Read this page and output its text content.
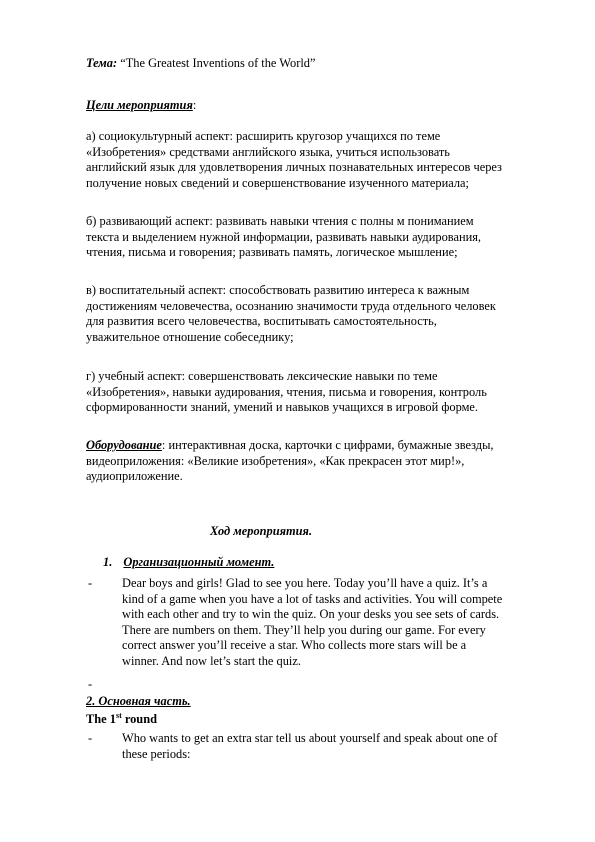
Тема: “The Greatest Inventions of the World”
Цели мероприятия:
а) социокультурный аспект: расширить кругозор учащихся по теме
«Изобретения» средствами английского языка, учиться использовать
английский язык для удовлетворения личных познавательных интересов через
получение новых сведений и совершенствование изученного материала;
б) развивающий аспект: развивать навыки чтения с полны м пониманием
текста и выделением нужной информации, развивать навыки аудирования,
чтения, письма и говорения; развивать память, логическое мышление;
в) воспитательный аспект: способствовать развитию интереса к важным
достижениям человечества, осознанию значимости труда отдельного человек
для развития всего человечества, воспитывать самостоятельность,
уважительное отношение собеседнику;
г) учебный аспект: совершенствовать лексические навыки по теме
«Изобретения», навыки аудирования, чтения, письма и говорения, контроль
сформированности знаний, умений и навыков учащихся в игровой форме.
Оборудование: интерактивная доска, карточки с цифрами, бумажные звезды,
видеоприложения: «Великие изобретения», «Как прекрасен этот мир!»,
аудиоприложение.
Ход мероприятия.
1. Организационный момент.
- Dear boys and girls! Glad to see you here. Today you’ll have a quiz. It’s a
kind of a game when you have a lot of tasks and activities. You will compete
with each other and try to win the quiz. On your desks you see sets of cards.
There are numbers on them. They’ll help you during our game. For every
correct answer you’ll receive a star. Who collects more stars will be a
winner. And now let’s start the quiz.
-
2. Основная часть.
The 1st round
- Who wants to get an extra star tell us about yourself and speak about one of
these periods:
